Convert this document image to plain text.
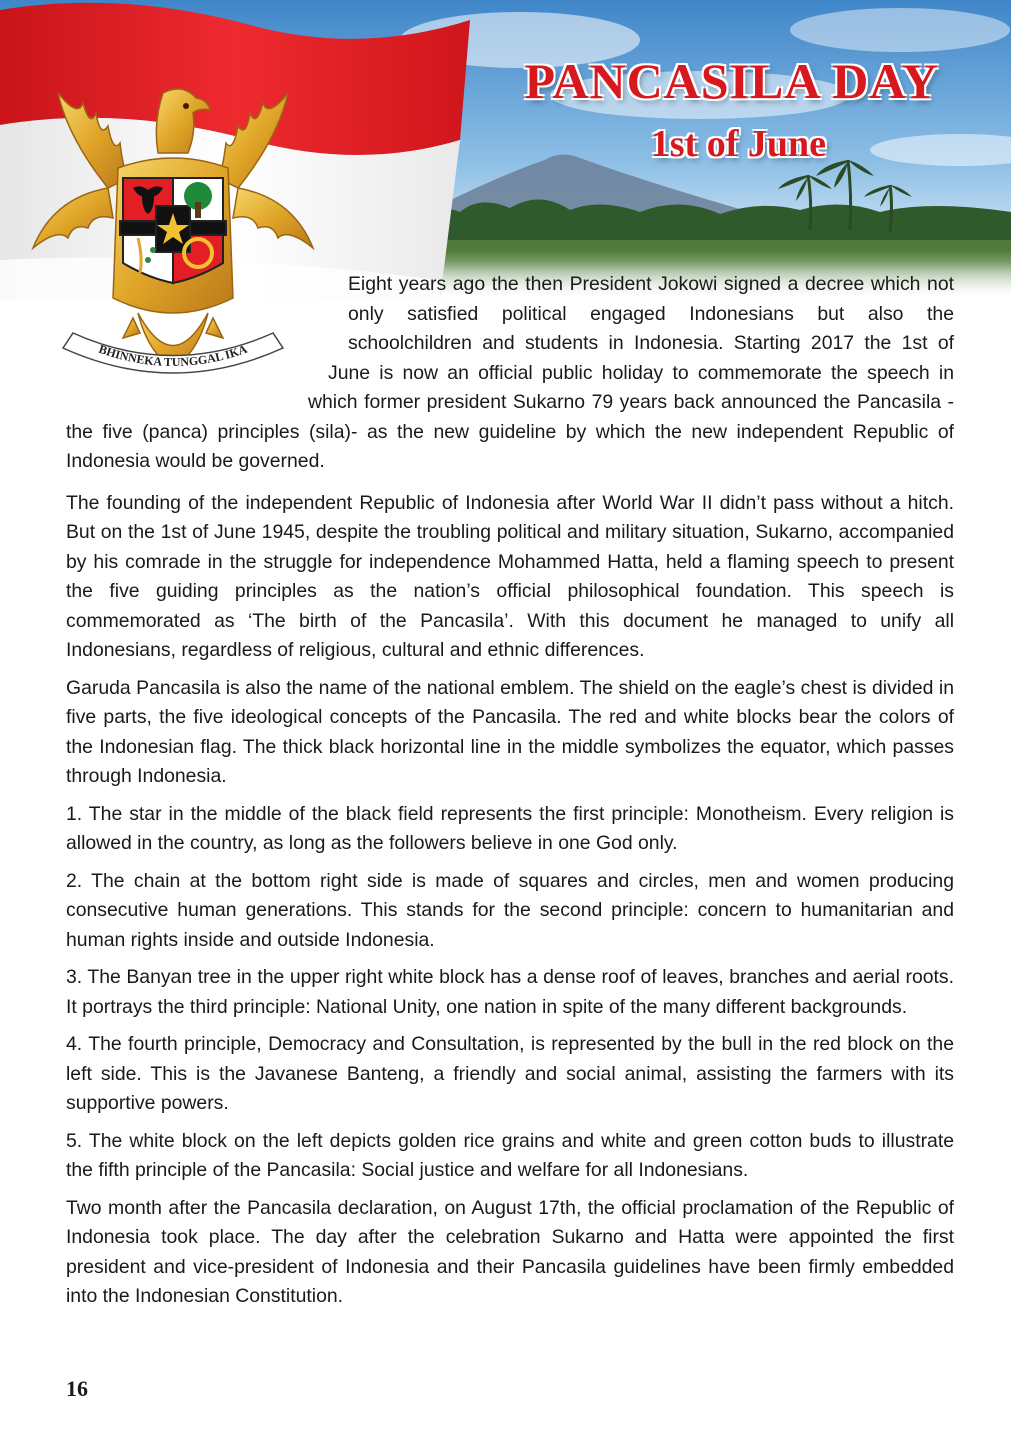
PANCASILA DAY
1st of June
BHINNEKA TUNGGAL IKA

Eight years ago the then President Jokowi signed a decree which not only satisfied political engaged Indonesians but also the schoolchildren and students in Indonesia. Starting 2017 the 1st of June is now an official public holiday to commemorate the speech in which former president Sukarno 79 years back announced the Pancasila -the five (panca) principles (sila)- as the new guideline by which the new independent Republic of Indonesia would be governed.

The founding of the independent Republic of Indonesia after World War II didn’t pass without a hitch. But on the 1st of June 1945, despite the troubling political and military situation, Sukarno, accompanied by his comrade in the struggle for independence Mohammed Hatta, held a flaming speech to present the five guiding principles as the nation’s official philosophical foundation. This speech is commemorated as ‘The birth of the Pancasila’. With this document he managed to unify all Indonesians, regardless of religious, cultural and ethnic differences.

Garuda Pancasila is also the name of the national emblem. The shield on the eagle’s chest is divided in five parts, the five ideological concepts of the Pancasila. The red and white blocks bear the colors of the Indonesian flag. The thick black horizontal line in the middle symbolizes the equator, which passes through Indonesia.

1. The star in the middle of the black field represents the first principle: Monotheism. Every religion is allowed in the country, as long as the followers believe in one God only.

2. The chain at the bottom right side is made of squares and circles, men and women producing consecutive human generations. This stands for the second principle: concern to humanitarian and human rights inside and outside Indonesia.

3. The Banyan tree in the upper right white block has a dense roof of leaves, branches and aerial roots. It portrays the third principle: National Unity, one nation in spite of the many different backgrounds.

4. The fourth principle, Democracy and Consultation, is represented by the bull in the red block on the left side. This is the Javanese Banteng, a friendly and social animal, assisting the farmers with its supportive powers.

5. The white block on the left depicts golden rice grains and white and green cotton buds to illustrate the fifth principle of the Pancasila: Social justice and welfare for all Indonesians.

Two month after the Pancasila declaration, on August 17th, the official proclamation of the Republic of Indonesia took place. The day after the celebration Sukarno and Hatta were appointed the first president and vice-president of Indonesia and their Pancasila guidelines have been firmly embedded into the Indonesian Constitution.

16
